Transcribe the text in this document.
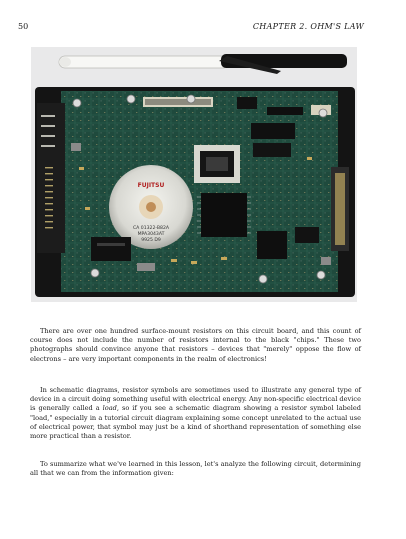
50	CHAPTER 2. OHM'S LAW
FUJITSU
CA 01322-B82A
MPA3043AT
9925 D9

There are over one hundred surface-mount resistors on this circuit board, and this count of course does not include the number of resistors internal to the black "chips." These two photographs should convince anyone that resistors – devices that "merely" oppose the flow of electrons – are very important components in the realm of electronics!

In schematic diagrams, resistor symbols are sometimes used to illustrate any general type of device in a circuit doing something useful with electrical energy. Any non-specific electrical device is generally called a load, so if you see a schematic diagram showing a resistor symbol labeled "load," especially in a tutorial circuit diagram explaining some concept unrelated to the actual use of electrical power, that symbol may just be a kind of shorthand representation of something else more practical than a resistor.

To summarize what we've learned in this lesson, let's analyze the following circuit, determining all that we can from the information given:
